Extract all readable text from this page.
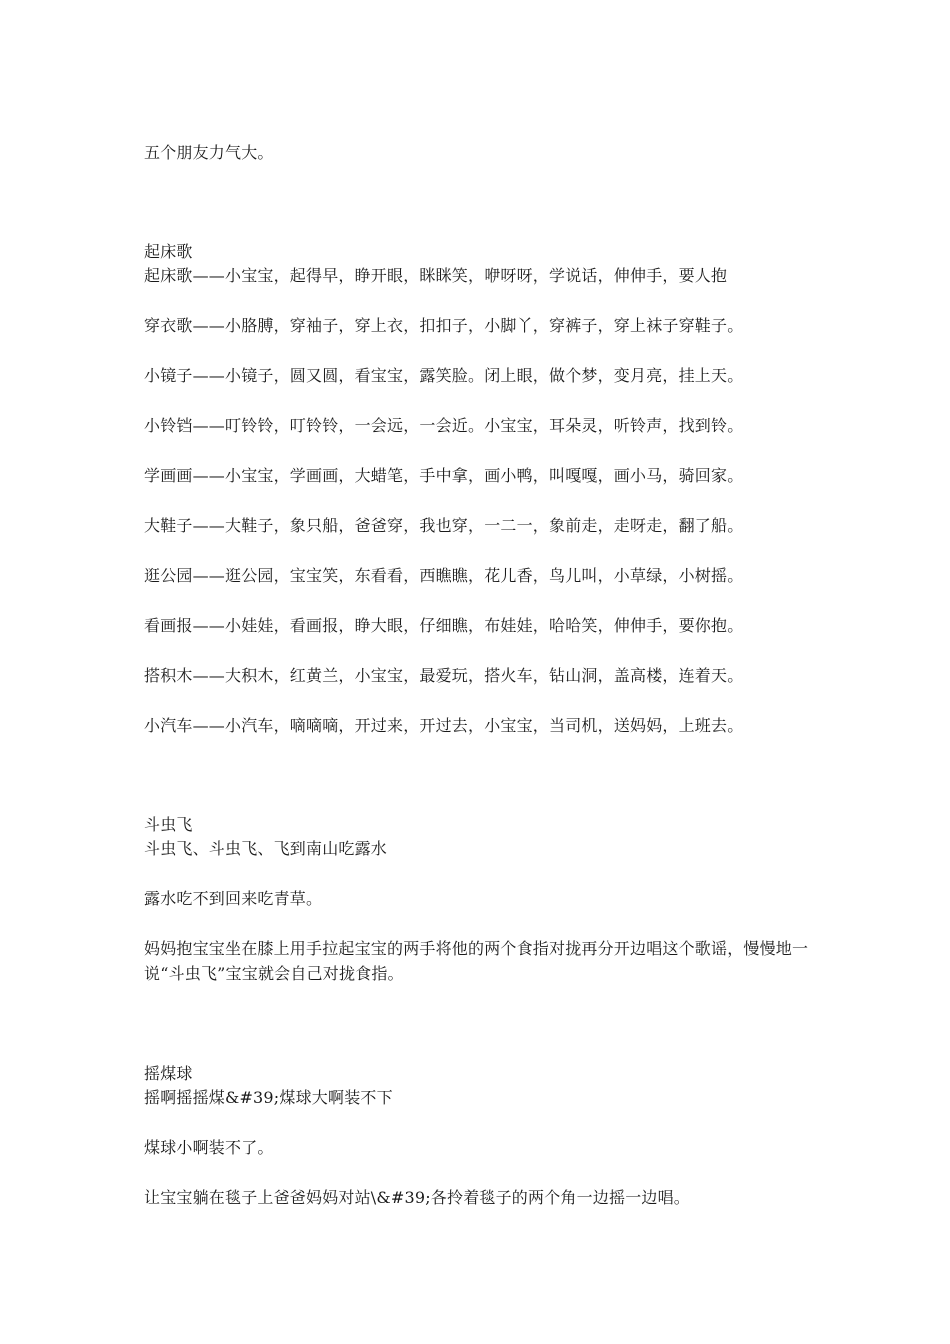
五个朋友力气大。
起床歌
起床歌——小宝宝，起得早，睁开眼，眯眯笑，咿呀呀，学说话，伸伸手，要人抱
穿衣歌——小胳膊，穿袖子，穿上衣，扣扣子，小脚丫，穿裤子，穿上袜子穿鞋子。
小镜子——小镜子，圆又圆，看宝宝，露笑脸。闭上眼，做个梦，变月亮，挂上天。
小铃铛——叮铃铃，叮铃铃，一会远，一会近。小宝宝，耳朵灵，听铃声，找到铃。
学画画——小宝宝，学画画，大蜡笔，手中拿，画小鸭，叫嘎嘎，画小马，骑回家。
大鞋子——大鞋子，象只船，爸爸穿，我也穿，一二一，象前走，走呀走，翻了船。
逛公园——逛公园，宝宝笑，东看看，西瞧瞧，花儿香，鸟儿叫，小草绿，小树摇。
看画报——小娃娃，看画报，睁大眼，仔细瞧，布娃娃，哈哈笑，伸伸手，要你抱。
搭积木——大积木，红黄兰，小宝宝，最爱玩，搭火车，钻山洞，盖高楼，连着天。
小汽车——小汽车，嘀嘀嘀，开过来，开过去，小宝宝，当司机，送妈妈，上班去。
斗虫飞
斗虫飞、斗虫飞、飞到南山吃露水
露水吃不到回来吃青草。
妈妈抱宝宝坐在膝上用手拉起宝宝的两手将他的两个食指对拢再分开边唱这个歌谣，慢慢地一说“斗虫飞”宝宝就会自己对拢食指。
摇煤球
摇啊摇摇煤&#39;煤球大啊装不下
煤球小啊装不了。
让宝宝躺在毯子上爸爸妈妈对站\&#39;各拎着毯子的两个角一边摇一边唱。
